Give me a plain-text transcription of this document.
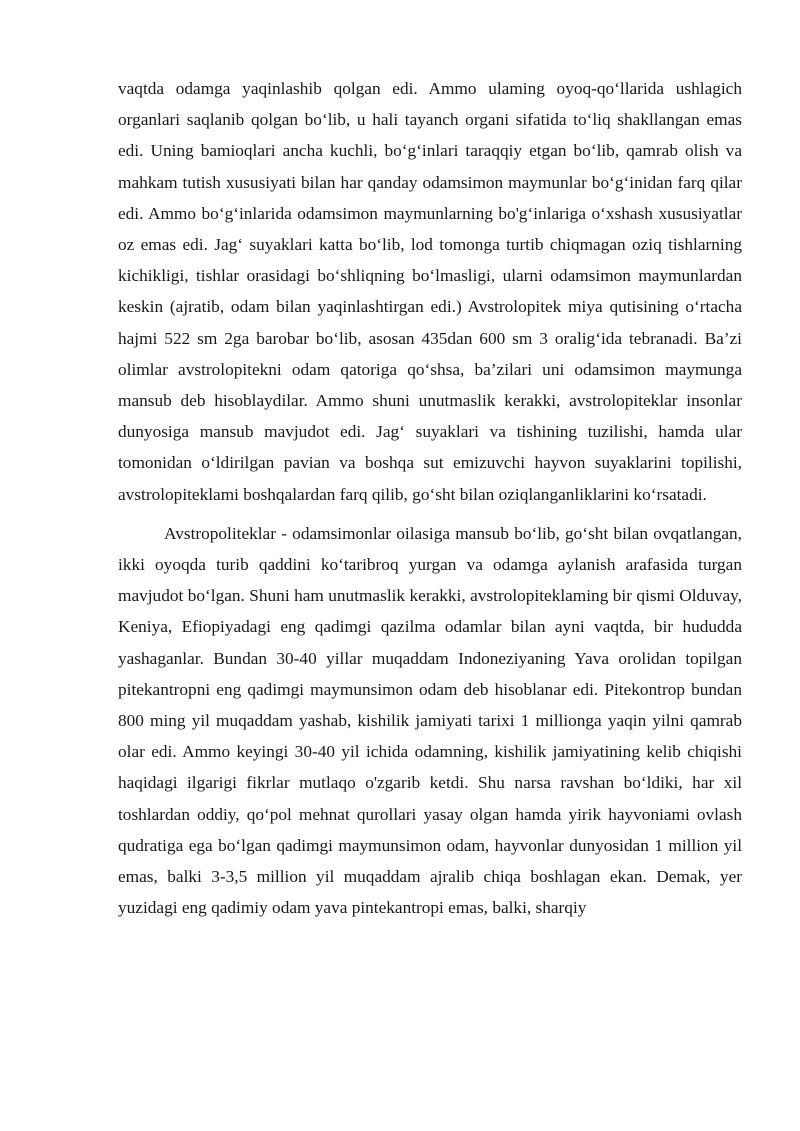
vaqtda odamga yaqinlashib qolgan edi. Ammo ulaming oyoq-qo‘llarida ushlagich organlari saqlanib qolgan bo‘lib, u hali tayanch organi sifatida to‘liq shakllangan emas edi. Uning bamioqlari ancha kuchli, bo‘g‘inlari taraqqiy etgan bo‘lib, qamrab olish va mahkam tutish xususiyati bilan har qanday odamsimon maymunlar bo‘g‘inidan farq qilar edi. Ammo bo‘g‘inlarida odamsimon maymunlarning bo'g‘inlariga o‘xshash xususiyatlar oz emas edi. Jag‘ suyaklari katta bo‘lib, lod tomonga turtib chiqmagan oziq tishlarning kichikligi, tishlar orasidagi bo‘shliqning bo‘lmasligi, ularni odamsimon maymunlardan keskin (ajratib, odam bilan yaqinlashtirgan edi.) Avstrolopitek miya qutisining o‘rtacha hajmi 522 sm 2ga barobar bo‘lib, asosan 435dan 600 sm 3 oralig‘ida tebranadi. Ba’zi olimlar avstrolopitekni odam qatoriga qo‘shsa, ba’zilari uni odamsimon maymunga mansub deb hisoblaydilar. Ammo shuni unutmaslik kerakki, avstrolopiteklar insonlar dunyosiga mansub mavjudot edi. Jag‘ suyaklari va tishining tuzilishi, hamda ular tomonidan o‘ldirilgan pavian va boshqa sut emizuvchi hayvon suyaklarini topilishi, avstrolopiteklami boshqalardan farq qilib, go‘sht bilan oziqlanganliklarini ko‘rsatadi.

Avstropoliteklar - odamsimonlar oilasiga mansub bo‘lib, go‘sht bilan ovqatlangan, ikki oyoqda turib qaddini ko‘taribroq yurgan va odamga aylanish arafasida turgan mavjudot bo‘lgan. Shuni ham unutmaslik kerakki, avstrolopiteklaming bir qismi Olduvay, Keniya, Efiopiyadagi eng qadimgi qazilma odamlar bilan ayni vaqtda, bir hududda yashaganlar. Bundan 30-40 yillar muqaddam Indoneziyaning Yava orolidan topilgan pitekantropni eng qadimgi maymunsimon odam deb hisoblanar edi. Pitekontrop bundan 800 ming yil muqaddam yashab, kishilik jamiyati tarixi 1 millionga yaqin yilni qamrab olar edi. Ammo keyingi 30-40 yil ichida odamning, kishilik jamiyatining kelib chiqishi haqidagi ilgarigi fikrlar mutlaqo o'zgarib ketdi. Shu narsa ravshan bo‘ldiki, har xil toshlardan oddiy, qo‘pol mehnat qurollari yasay olgan hamda yirik hayvoniami ovlash qudratiga ega bo‘lgan qadimgi maymunsimon odam, hayvonlar dunyosidan 1 million yil emas, balki 3-3,5 million yil muqaddam ajralib chiqa boshlagan ekan. Demak, yer yuzidagi eng qadimiy odam yava pintekantropi emas, balki, sharqiy
